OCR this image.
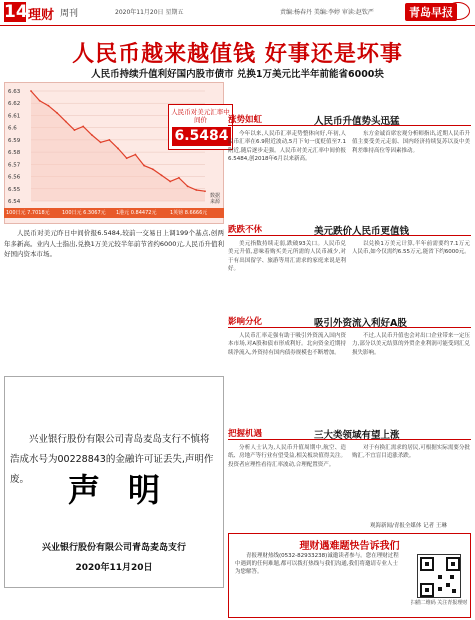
14 理财 周刊	2020年11月20日 星期五	责编:杨春丹 美编:李婷 审读:赵钦严	青岛早报
人民币越来越值钱 好事还是坏事
人民币持续升值利好国内股市债市 兑换1万美元比半年前能省6000块
6.63
6.62
6.61
6.6
6.59
6.58
6.57
6.56
6.55
6.54
人民币对美元汇率中间价
6.5484
数据来源
100日元 7.7018元 100日元 6.3067元 1港元 0.84472元	1英镑 8.6666元
人民币对美元昨日中间价报6.5484,较前一交易日上调199个基点,创两年多新高。业内人士指出,兑换1万美元较半年前节省约6000元,人民币升值利好国内资本市场。
声明
兴业银行股份有限公司青岛麦岛支行不慎将浩成水号为00228843的金融许可证丢失,声明作废。
兴业银行股份有限公司青岛麦岛支行
2020年11月20日
涨势如虹	人民币升值势头迅猛
今年以来,人民币汇率走势整体向好,年初,人民币汇率在6.9附近波动,5月下旬一度贬值至7.1附近,随后逐步走强。人民币对美元汇率中间价报6.5484,创2018年6月以来新高。
东方金诚首席宏观分析师指出,近期人民币升值主要受美元走弱、国内经济持续复苏以及中美利差维持高位等因素推动。
跌跌不休	美元跌价人民币更值钱
美元指数持续走弱,跌破93关口。人民币兑美元升值,意味着购买美元所需的人民币减少,对于有出国留学、旅游等用汇需求的家庭来说是利好。
以兑换1万美元计算,半年前需要约7.1万元人民币,如今仅需约6.55万元,能省下约6000元。
影响分化	吸引外资流入利好A股
人民币汇率走强有助于吸引外资流入国内资本市场,对A股和债市形成利好。北向资金近期持续净流入,外资持有国内债券规模也不断增加。
不过,人民币升值也会对出口企业带来一定压力,部分以美元结算的外贸企业利润可能受到汇兑损失影响。
把握机遇	三大类领域有望上涨
分析人士认为,人民币升值周期中,航空、造纸、房地产等行业有望受益,相关板块值得关注。投资者应理性看待汇率波动,合理配置资产。
对于有换汇需求的居民,可根据实际需要分批购汇,不宜盲目追涨杀跌。
观海新闻/青报全媒体 记者 王琳
理财遇难题快告诉我们
青报理财热线(0532-82933238)诚邀读者参与。您在理财过程中遇到的任何难题,都可以拨打热线与我们沟通,我们将邀请专业人士为您解答。
扫描二维码 关注青报理财
